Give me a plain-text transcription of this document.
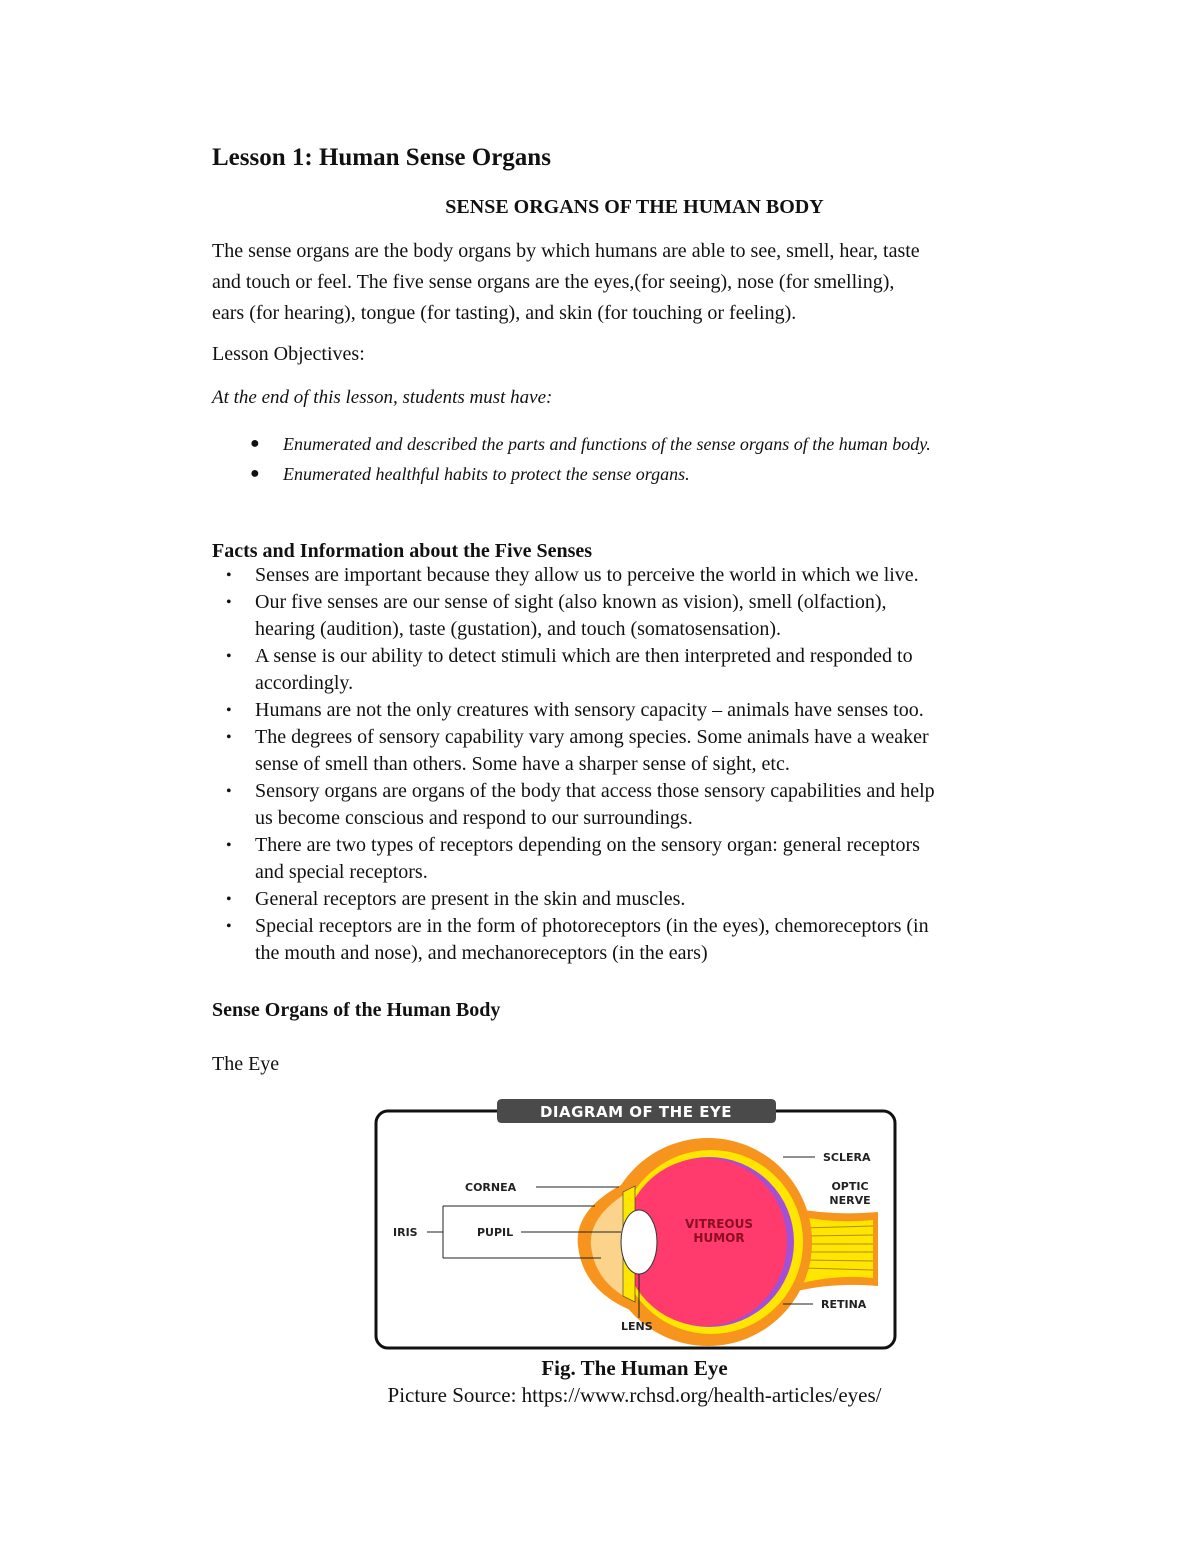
Lesson 1: Human Sense Organs
SENSE ORGANS OF THE HUMAN BODY

The sense organs are the body organs by which humans are able to see, smell, hear, taste
and touch or feel. The five sense organs are the eyes,(for seeing), nose (for smelling),
ears (for hearing), tongue (for tasting), and skin (for touching or feeling).

Lesson Objectives:

At the end of this lesson, students must have:

● Enumerated and described the parts and functions of the sense organs of the human body.
● Enumerated healthful habits to protect the sense organs.
Facts and Information about the Five Senses
• Senses are important because they allow us to perceive the world in which we live.
• Our five senses are our sense of sight (also known as vision), smell (olfaction),
hearing (audition), taste (gustation), and touch (somatosensation).
• A sense is our ability to detect stimuli which are then interpreted and responded to
accordingly.
• Humans are not the only creatures with sensory capacity – animals have senses too.
• The degrees of sensory capability vary among species. Some animals have a weaker
sense of smell than others. Some have a sharper sense of sight, etc.
• Sensory organs are organs of the body that access those sensory capabilities and help
us become conscious and respond to our surroundings.
• There are two types of receptors depending on the sensory organ: general receptors
and special receptors.
• General receptors are present in the skin and muscles.
• Special receptors are in the form of photoreceptors (in the eyes), chemoreceptors (in
the mouth and nose), and mechanoreceptors (in the ears)
Sense Organs of the Human Body

The Eye

DIAGRAM OF THE EYE
VITREOUS
HUMOR
SCLERA
CORNEA	OPTIC
NERVE
IRIS	PUPIL
RETINA
LENS

Fig. The Human Eye

Picture Source: https://www.rchsd.org/health-articles/eyes/
